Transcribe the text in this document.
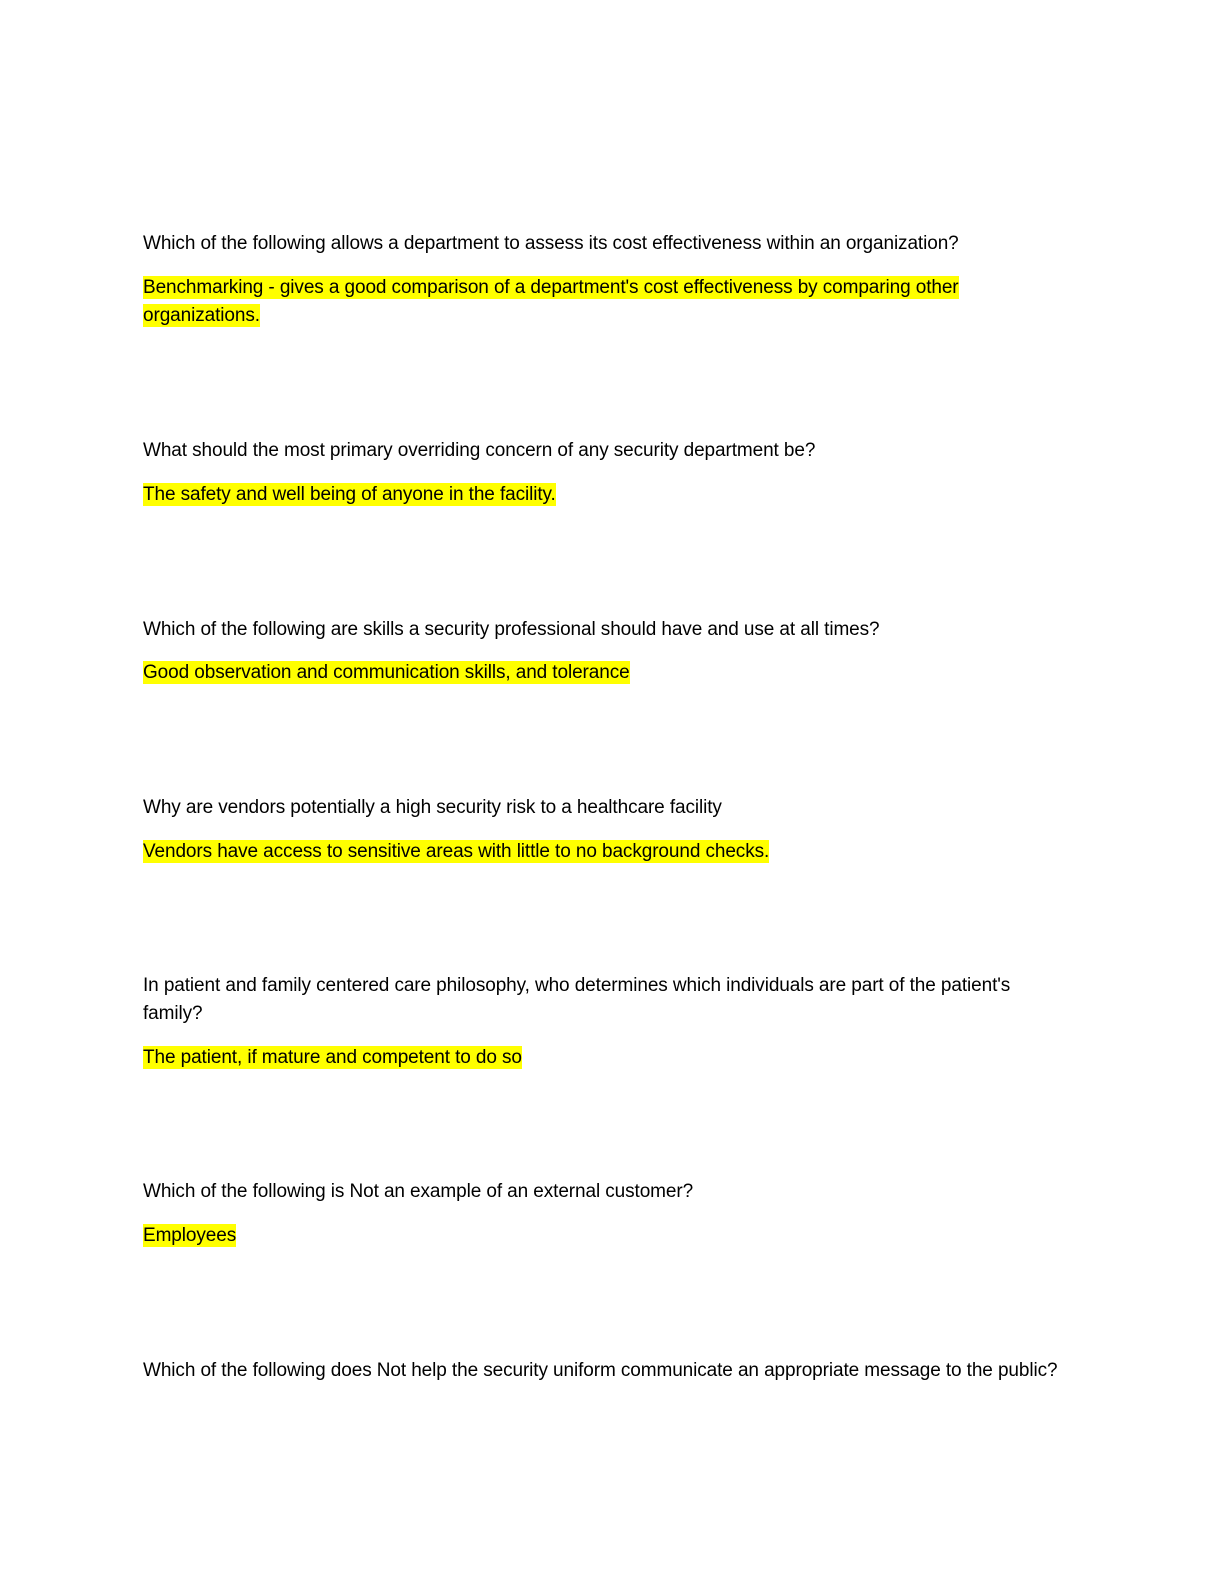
Which of the following allows a department to assess its cost effectiveness within an organization?

Benchmarking - gives a good comparison of a department's cost effectiveness by comparing other organizations.

What should the most primary overriding concern of any security department be?

The safety and well being of anyone in the facility.

Which of the following are skills a security professional should have and use at all times?

Good observation and communication skills, and tolerance

Why are vendors potentially a high security risk to a healthcare facility

Vendors have access to sensitive areas with little to no background checks.

In patient and family centered care philosophy, who determines which individuals are part of the patient's family?

The patient, if mature and competent to do so

Which of the following is Not an example of an external customer?

Employees

Which of the following does Not help the security uniform communicate an appropriate message to the public?
